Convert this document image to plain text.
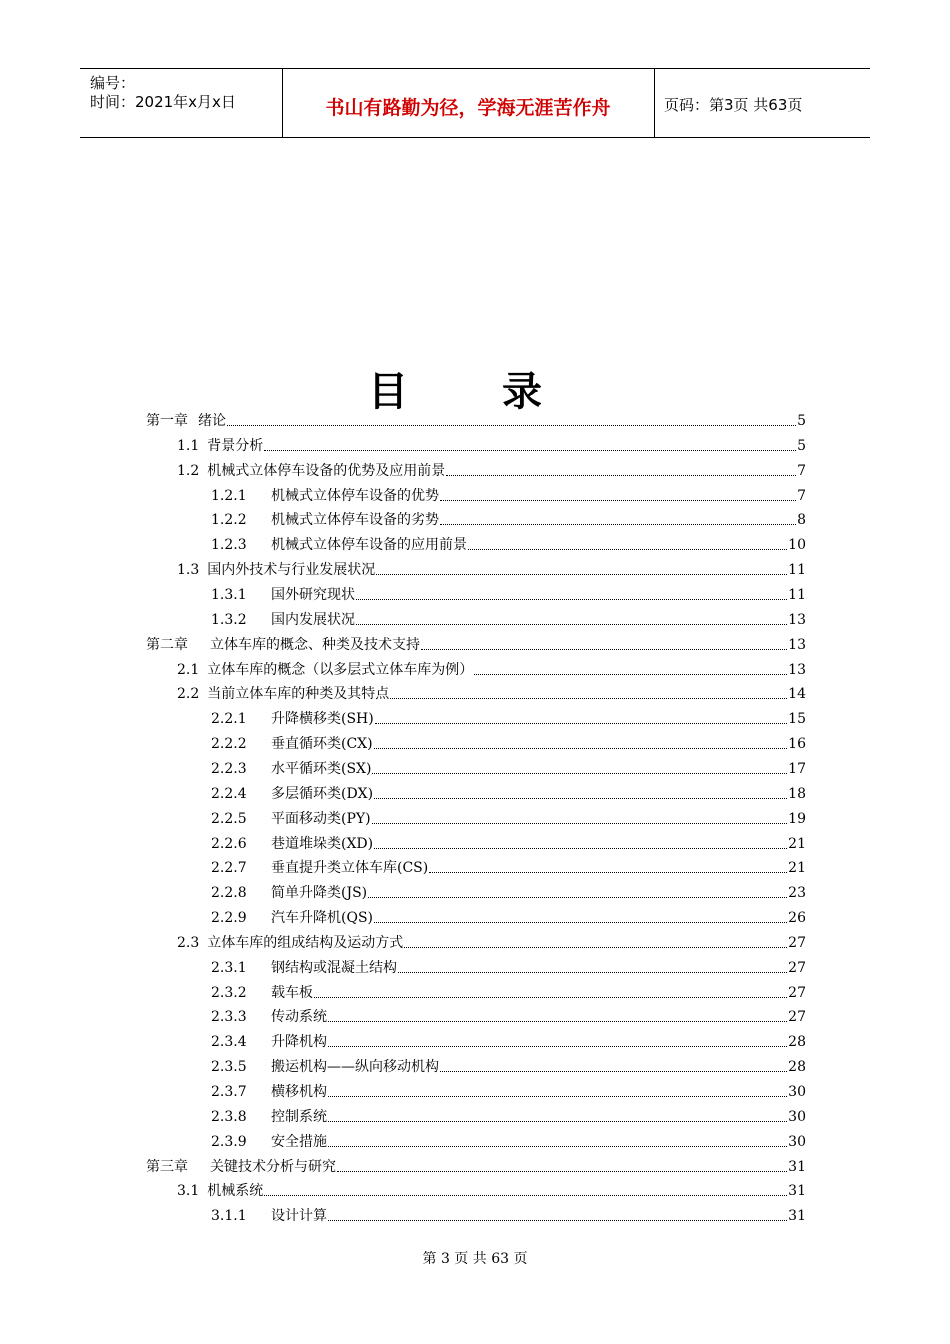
编号：
时间：2021年x月x日	书山有路勤为径，学海无涯苦作舟	页码：第3页 共63页
目 录
第一章 绪论	5
1.1 背景分析	5
1.2 机械式立体停车设备的优势及应用前景	7
1.2.1 机械式立体停车设备的优势	7
1.2.2 机械式立体停车设备的劣势	8
1.2.3 机械式立体停车设备的应用前景	10
1.3 国内外技术与行业发展状况	11
1.3.1 国外研究现状	11
1.3.2 国内发展状况	13
第二章 立体车库的概念、种类及技术支持	13
2.1 立体车库的概念（以多层式立体车库为例）	13
2.2 当前立体车库的种类及其特点	14
2.2.1 升降横移类(SH)	15
2.2.2 垂直循环类(CX)	16
2.2.3 水平循环类(SX)	17
2.2.4 多层循环类(DX)	18
2.2.5 平面移动类(PY)	19
2.2.6 巷道堆垛类(XD)	21
2.2.7 垂直提升类立体车库(CS)	21
2.2.8 简单升降类(JS)	23
2.2.9 汽车升降机(QS)	26
2.3 立体车库的组成结构及运动方式	27
2.3.1 钢结构或混凝土结构	27
2.3.2 载车板	27
2.3.3 传动系统	27
2.3.4 升降机构	28
2.3.5 搬运机构——纵向移动机构	28
2.3.7 横移机构	30
2.3.8 控制系统	30
2.3.9 安全措施	30
第三章 关键技术分析与研究	31
3.1 机械系统	31
3.1.1 设计计算	31
第 3 页 共 63 页
